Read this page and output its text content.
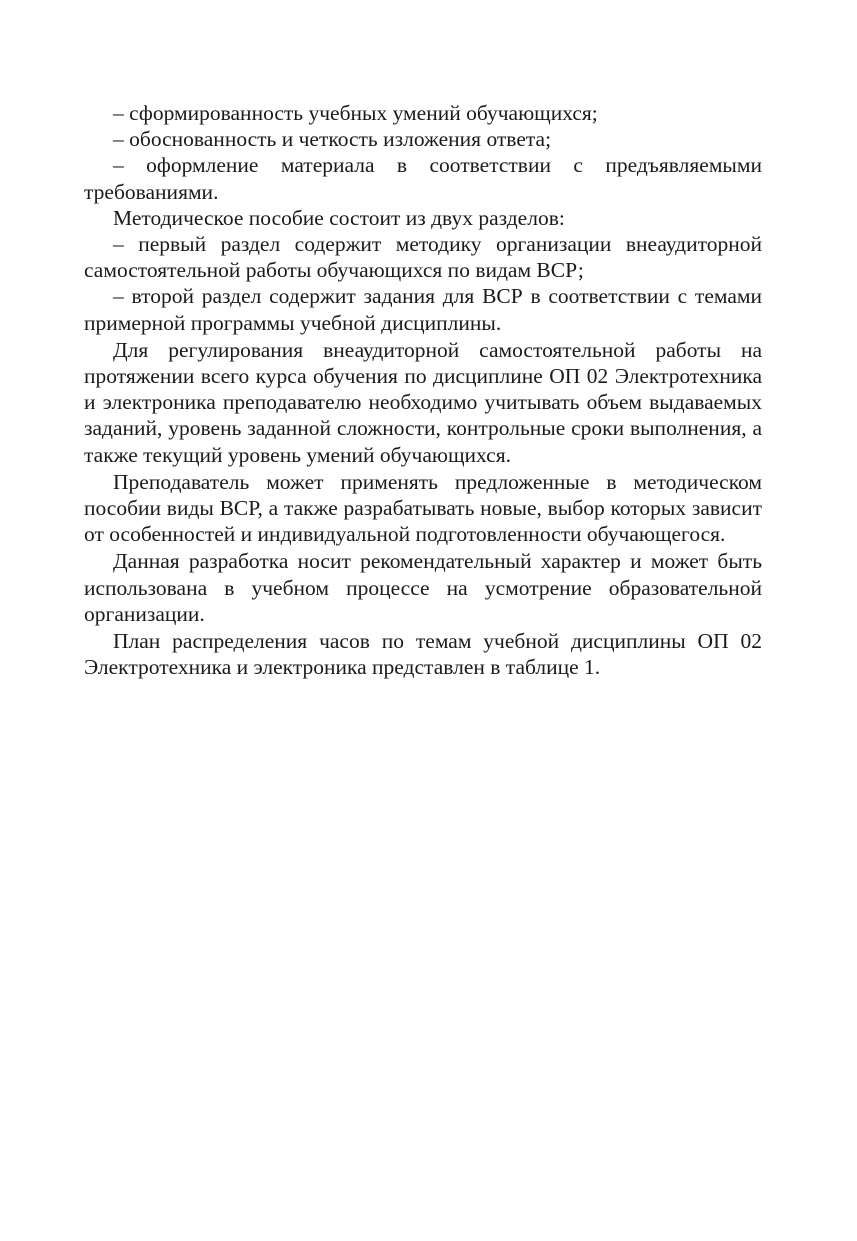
– сформированность учебных умений обучающихся;

– обоснованность и четкость изложения ответа;

– оформление материала в соответствии с предъявляемыми требованиями.

Методическое пособие состоит из двух разделов:

– первый раздел содержит методику организации внеаудиторной самостоятельной работы обучающихся по видам ВСР;

– второй раздел содержит задания для ВСР в соответствии с темами примерной программы учебной дисциплины.

Для регулирования внеаудиторной самостоятельной работы на протяжении всего курса обучения по дисциплине ОП 02 Электротехника и электроника преподавателю необходимо учитывать объем выдаваемых заданий, уровень заданной сложности, контрольные сроки выполнения, а также текущий уровень умений обучающихся.

Преподаватель может применять предложенные в методическом пособии виды ВСР, а также разрабатывать новые, выбор которых зависит от особенностей и индивидуальной подготовленности обучающегося.

Данная разработка носит рекомендательный характер и может быть использована в учебном процессе на усмотрение образовательной организации.

План распределения часов по темам учебной дисциплины ОП 02 Электротехника и электроника представлен в таблице 1.
